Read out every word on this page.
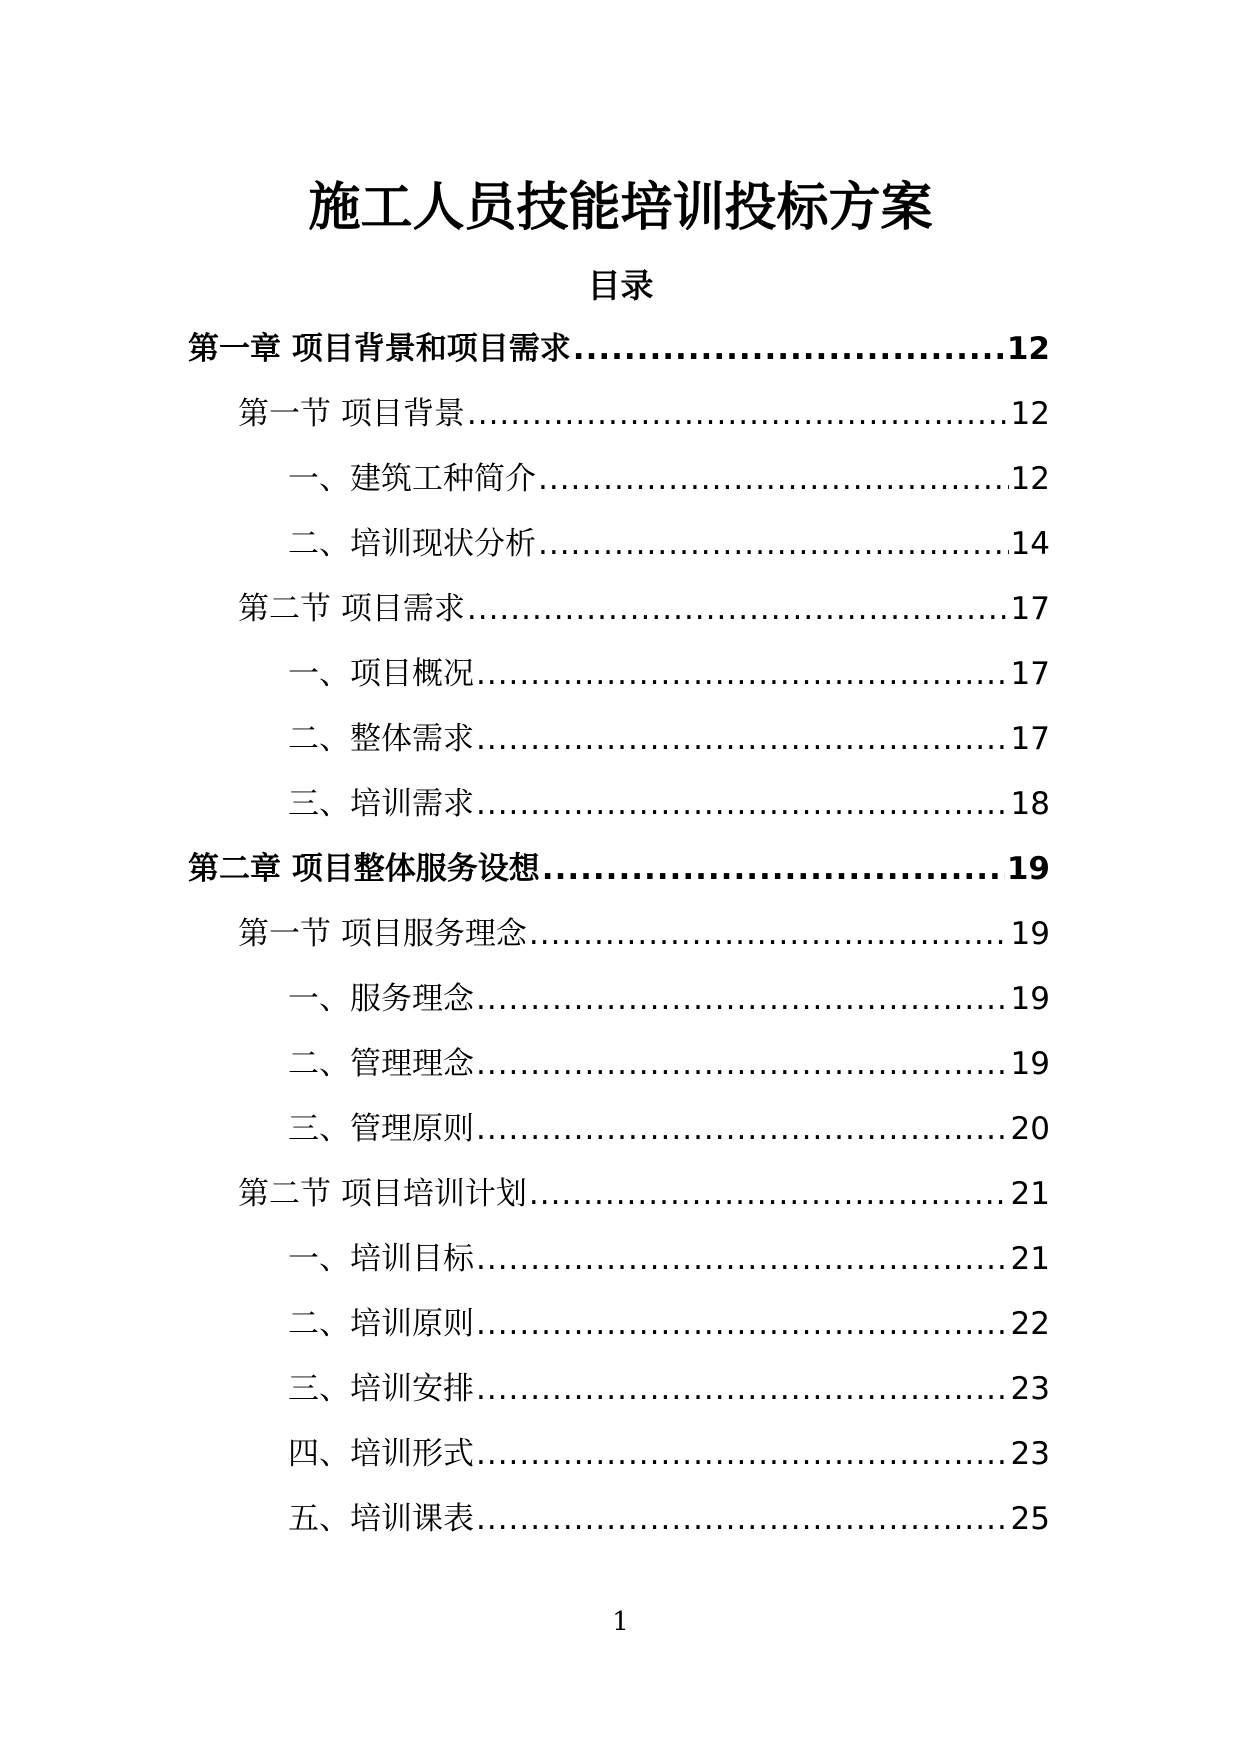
施工人员技能培训投标方案
目录
第一章 项目背景和项目需求 .....	12
第一节 项目背景 .....	12
一、建筑工种简介 .....	12
二、培训现状分析 .....	14
第二节 项目需求 .....	17
一、项目概况 .....	17
二、整体需求 .....	17
三、培训需求 .....	18
第二章 项目整体服务设想 .....	19
第一节 项目服务理念 .....	19
一、服务理念 .....	19
二、管理理念 .....	19
三、管理原则 .....	20
第二节 项目培训计划 .....	21
一、培训目标 .....	21
二、培训原则 .....	22
三、培训安排 .....	23
四、培训形式 .....	23
五、培训课表 .....	25
1
